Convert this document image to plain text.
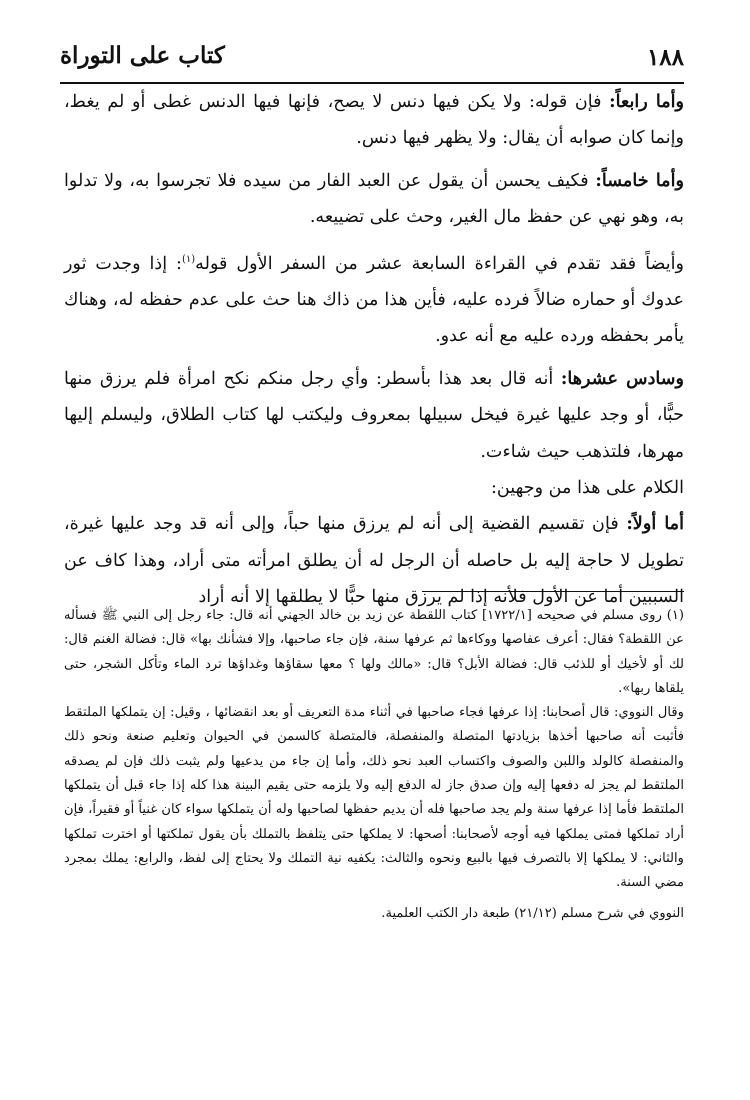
١٨٨
كتاب على التوراة

وأما رابعاً: فإن قوله: ولا يكن فيها دنس لا يصح، فإنها فيها الدنس غطى أو لم يغط، وإنما كان صوابه أن يقال: ولا يظهر فيها دنس.

وأما خامساً: فكيف يحسن أن يقول عن العبد الفار من سيده فلا تجرسوا به، ولا تدلوا به، وهو نهي عن حفظ مال الغير، وحث على تضييعه.

وأيضاً فقد تقدم في القراءة السابعة عشر من السفر الأول قوله$^{(١)}$: إذا وجدت ثور عدوك أو حماره ضالاً فرده عليه، فأين هذا من ذاك هنا حث على عدم حفظه له، وهناك يأمر بحفظه ورده عليه مع أنه عدو.

وسادس عشرها: أنه قال بعد هذا بأسطر: وأي رجل منكم نكح امرأة فلم يرزق منها حبًّا، أو وجد عليها غيرة فيخل سبيلها بمعروف وليكتب لها كتاب الطلاق، وليسلم إليها مهرها، فلتذهب حيث شاءت.

الكلام على هذا من وجهين:

أما أولاً: فإن تقسيم القضية إلى أنه لم يرزق منها حباً، وإلى أنه قد وجد عليها غيرة، تطويل لا حاجة إليه بل حاصله أن الرجل له أن يطلق امرأته متى أراد، وهذا كاف عن السببين أما عن الأول فلأنه إذا لم يرزق منها حبًّا لا يطلقها إلا أنه أراد

(١) روى مسلم في صحيحه [١٧٢٢/١] كتاب اللقطة عن زيد بن خالد الجهني أنه قال: جاء رجل إلى النبي ﷺ فسأله عن اللقطة؟ فقال: أعرف عفاصها ووكاءها ثم عرفها سنة، فإن جاء صاحبها، وإلا فشأنك بها» قال: فضالة الغنم قال: لك أو لأخيك أو للذئب قال: فضالة الأبل؟ قال: «مالك ولها ؟ معها سقاؤها وغداؤها ترد الماء وتأكل الشجر، حتى يلقاها ربها».

وقال النووي: قال أصحابنا: إذا عرفها فجاء صاحبها في أثناء مدة التعريف أو بعد انقضائها ، وقيل: إن يتملكها الملتقط فأثبت أنه صاحبها أخذها بزيادتها المتصلة والمنفصلة، فالمتصلة كالسمن في الحيوان وتعليم صنعة ونحو ذلك والمنفصلة كالولد واللبن والصوف واكتساب العبد نحو ذلك، وأما إن جاء من يدعيها ولم يثبت ذلك فإن لم يصدقه الملتقط لم يجز له دفعها إليه وإن صدق جاز له الدفع إليه ولا يلزمه حتى يقيم البينة هذا كله إذا جاء قبل أن يتملكها الملتقط فأما إذا عرفها سنة ولم يجد صاحبها فله أن يديم حفظها لصاحبها وله أن يتملكها سواء كان غنياً أو فقيراً، فإن أراد تملكها فمتى يملكها فيه أوجه لأصحابنا: أصحها: لا يملكها حتى يتلفظ بالتملك بأن يقول تملكتها أو اخترت تملكها والثاني: لا يملكها إلا بالتصرف فيها بالبيع ونحوه والثالث: يكفيه نية التملك ولا يحتاج إلى لفظ، والرابع: يملك بمجرد مضي السنة.

النووي في شرح مسلم (٢١/١٢) طبعة دار الكتب العلمية.
